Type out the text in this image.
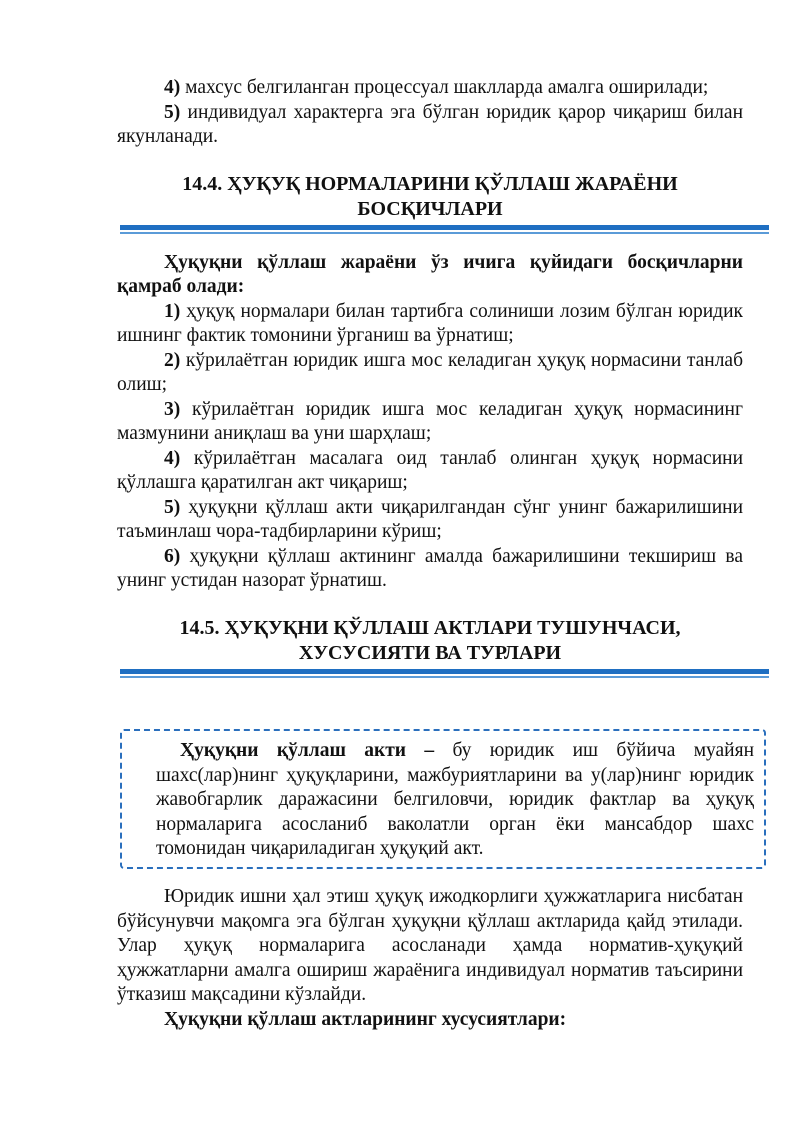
4) махсус белгиланган процессуал шаклларда амалга оширилади;

5) индивидуал характерга эга бўлган юридик қарор чиқариш билан якунланади.

14.4. ҲУҚУҚ НОРМАЛАРИНИ ҚЎЛЛАШ ЖАРАЁНИ
БОСҚИЧЛАРИ

Ҳуқуқни қўллаш жараёни ўз ичига қуйидаги босқичларни қамраб олади:

1) ҳуқуқ нормалари билан тартибга солиниши лозим бўлган юридик ишнинг фактик томонини ўрганиш ва ўрнатиш;

2) кўрилаётган юридик ишга мос келадиган ҳуқуқ нормасини танлаб олиш;

3) кўрилаётган юридик ишга мос келадиган ҳуқуқ нормасининг мазмунини аниқлаш ва уни шарҳлаш;

4) кўрилаётган масалага оид танлаб олинган ҳуқуқ нормасини қўллашга қаратилган акт чиқариш;

5) ҳуқуқни қўллаш акти чиқарилгандан сўнг унинг бажарилишини таъминлаш чора-тадбирларини кўриш;

6) ҳуқуқни қўллаш актининг амалда бажарилишини текшириш ва унинг устидан назорат ўрнатиш.

14.5. ҲУҚУҚНИ ҚЎЛЛАШ АКТЛАРИ ТУШУНЧАСИ,
ХУСУСИЯТИ ВА ТУРЛАРИ

Ҳуқуқни қўллаш акти – бу юридик иш бўйича муайян шахс(лар)нинг ҳуқуқларини, мажбуриятларини ва у(лар)нинг юридик жавобгарлик даражасини белгиловчи, юридик фактлар ва ҳуқуқ нормаларига асосланиб ваколатли орган ёки мансабдор шахс томонидан чиқариладиган ҳуқуқий акт.

Юридик ишни ҳал этиш ҳуқуқ ижодкорлиги ҳужжатларига нисбатан бўйсунувчи мақомга эга бўлган ҳуқуқни қўллаш актларида қайд этилади. Улар ҳуқуқ нормаларига асосланади ҳамда норматив-ҳуқуқий ҳужжатларни амалга ошириш жараёнига индивидуал норматив таъсирини ўтказиш мақсадини кўзлайди.

Ҳуқуқни қўллаш актларининг хусусиятлари:
